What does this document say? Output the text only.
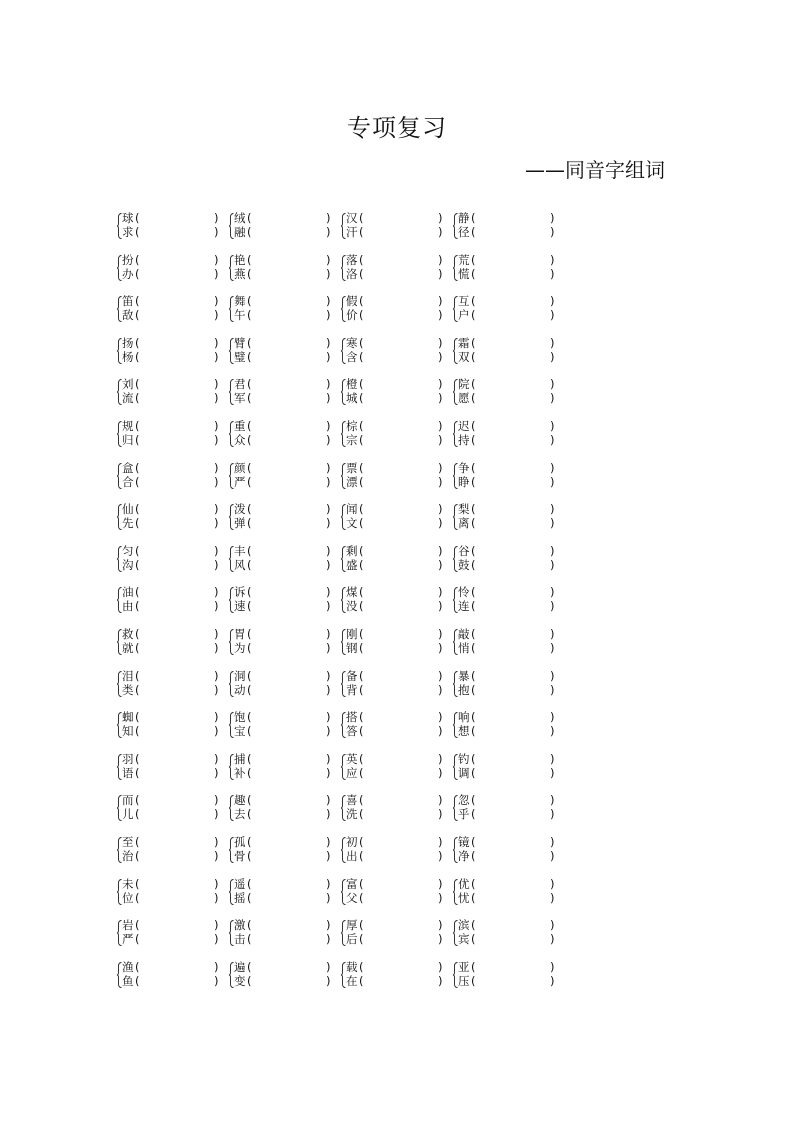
专项复习
——同音字组词
球 (	)
求 (	)
绒 (	)
融 (	)
汉 (	)
汗 (	)
静 (	)
径 (	)
扮 (	)
办 (	)
艳 (	)
燕 (	)
落 (	)
洛 (	)
荒 (	)
慌 (	)
笛 (	)
敌 (	)
舞 (	)
午 (	)
假 (	)
价 (	)
互 (	)
户 (	)
扬 (	)
杨 (	)
臂 (	)
璧 (	)
寒 (	)
含 (	)
霜 (	)
双 (	)
刘 (	)
流 (	)
君 (	)
军 (	)
橙 (	)
城 (	)
院 (	)
愿 (	)
规 (	)
归 (	)
重 (	)
众 (	)
棕 (	)
宗 (	)
迟 (	)
持 (	)
盒 (	)
合 (	)
颜 (	)
严 (	)
票 (	)
漂 (	)
争 (	)
睁 (	)
仙 (	)
先 (	)
泼 (	)
弹 (	)
闻 (	)
文 (	)
梨 (	)
离 (	)
匀 (	)
沟 (	)
丰 (	)
风 (	)
剩 (	)
盛 (	)
谷 (	)
鼓 (	)
油 (	)
由 (	)
诉 (	)
速 (	)
煤 (	)
没 (	)
怜 (	)
连 (	)
救 (	)
就 (	)
胃 (	)
为 (	)
刚 (	)
钢 (	)
敲 (	)
悄 (	)
泪 (	)
类 (	)
洞 (	)
动 (	)
备 (	)
背 (	)
暴 (	)
抱 (	)
蜘 (	)
知 (	)
饱 (	)
宝 (	)
搭 (	)
答 (	)
响 (	)
想 (	)
羽 (	)
语 (	)
捕 (	)
补 (	)
英 (	)
应 (	)
钓 (	)
调 (	)
而 (	)
儿 (	)
趣 (	)
去 (	)
喜 (	)
洗 (	)
忽 (	)
乎 (	)
至 (	)
治 (	)
孤 (	)
骨 (	)
初 (	)
出 (	)
镜 (	)
净 (	)
未 (	)
位 (	)
遥 (	)
摇 (	)
富 (	)
父 (	)
优 (	)
忧 (	)
岩 (	)
严 (	)
激 (	)
击 (	)
厚 (	)
后 (	)
滨 (	)
宾 (	)
渔 (	)
鱼 (	)
遍 (	)
变 (	)
载 (	)
在 (	)
亚 (	)
压 (	)
